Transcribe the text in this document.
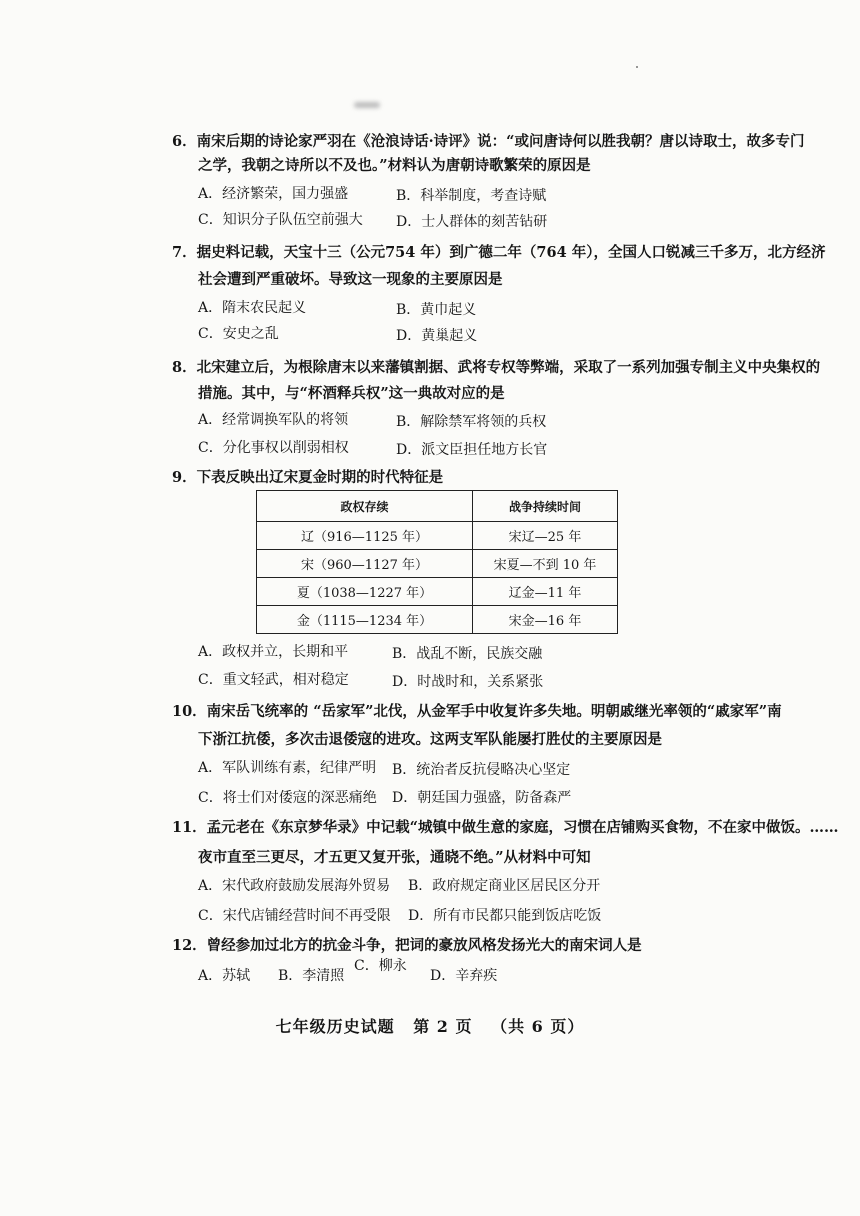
6．南宋后期的诗论家严羽在《沧浪诗话·诗评》说：“或问唐诗何以胜我朝？唐以诗取士，故多专门
之学，我朝之诗所以不及也。”材料认为唐朝诗歌繁荣的原因是
A．经济繁荣，国力强盛	B．科举制度，考查诗赋
C．知识分子队伍空前强大 D．士人群体的刻苦钻研
7．据史料记载，天宝十三（公元754 年）到广德二年（764 年），全国人口锐减三千多万，北方经济
社会遭到严重破坏。导致这一现象的主要原因是
A．隋末农民起义	B．黄巾起义
C．安史之乱	D．黄巢起义
8．北宋建立后，为根除唐末以来藩镇割据、武将专权等弊端，采取了一系列加强专制主义中央集权的
措施。其中，与“杯酒释兵权”这一典故对应的是
A．经常调换军队的将领	B．解除禁军将领的兵权
C．分化事权以削弱相权	D．派文臣担任地方长官
9．下表反映出辽宋夏金时期的时代特征是
政权存续	战争持续时间
辽（916—1125 年）	宋辽—25 年
宋（960—1127 年）	宋夏—不到 10 年
夏（1038—1227 年）	辽金—11 年
金（1115—1234 年）	宋金—16 年
A．政权并立，长期和平	B．战乱不断，民族交融
C．重文轻武，相对稳定	D．时战时和，关系紧张
10．南宋岳飞统率的 “岳家军”北伐，从金军手中收复许多失地。明朝戚继光率领的“戚家军”南
下浙江抗倭，多次击退倭寇的进攻。这两支军队能屡打胜仗的主要原因是
A．军队训练有素，纪律严明 B．统治者反抗侵略决心坚定
C．将士们对倭寇的深恶痛绝 D．朝廷国力强盛，防备森严
11．孟元老在《东京梦华录》中记载“城镇中做生意的家庭，习惯在店铺购买食物，不在家中做饭。……
夜市直至三更尽，才五更又复开张，通晓不绝。”从材料中可知
A．宋代政府鼓励发展海外贸易 B．政府规定商业区居民区分开
C．宋代店铺经营时间不再受限 D．所有市民都只能到饭店吃饭
12．曾经参加过北方的抗金斗争，把词的豪放风格发扬光大的南宋词人是
A．苏轼 B．李清照
C．柳永
D．辛弃疾
七年级历史试题 第 2 页 （共 6 页）
